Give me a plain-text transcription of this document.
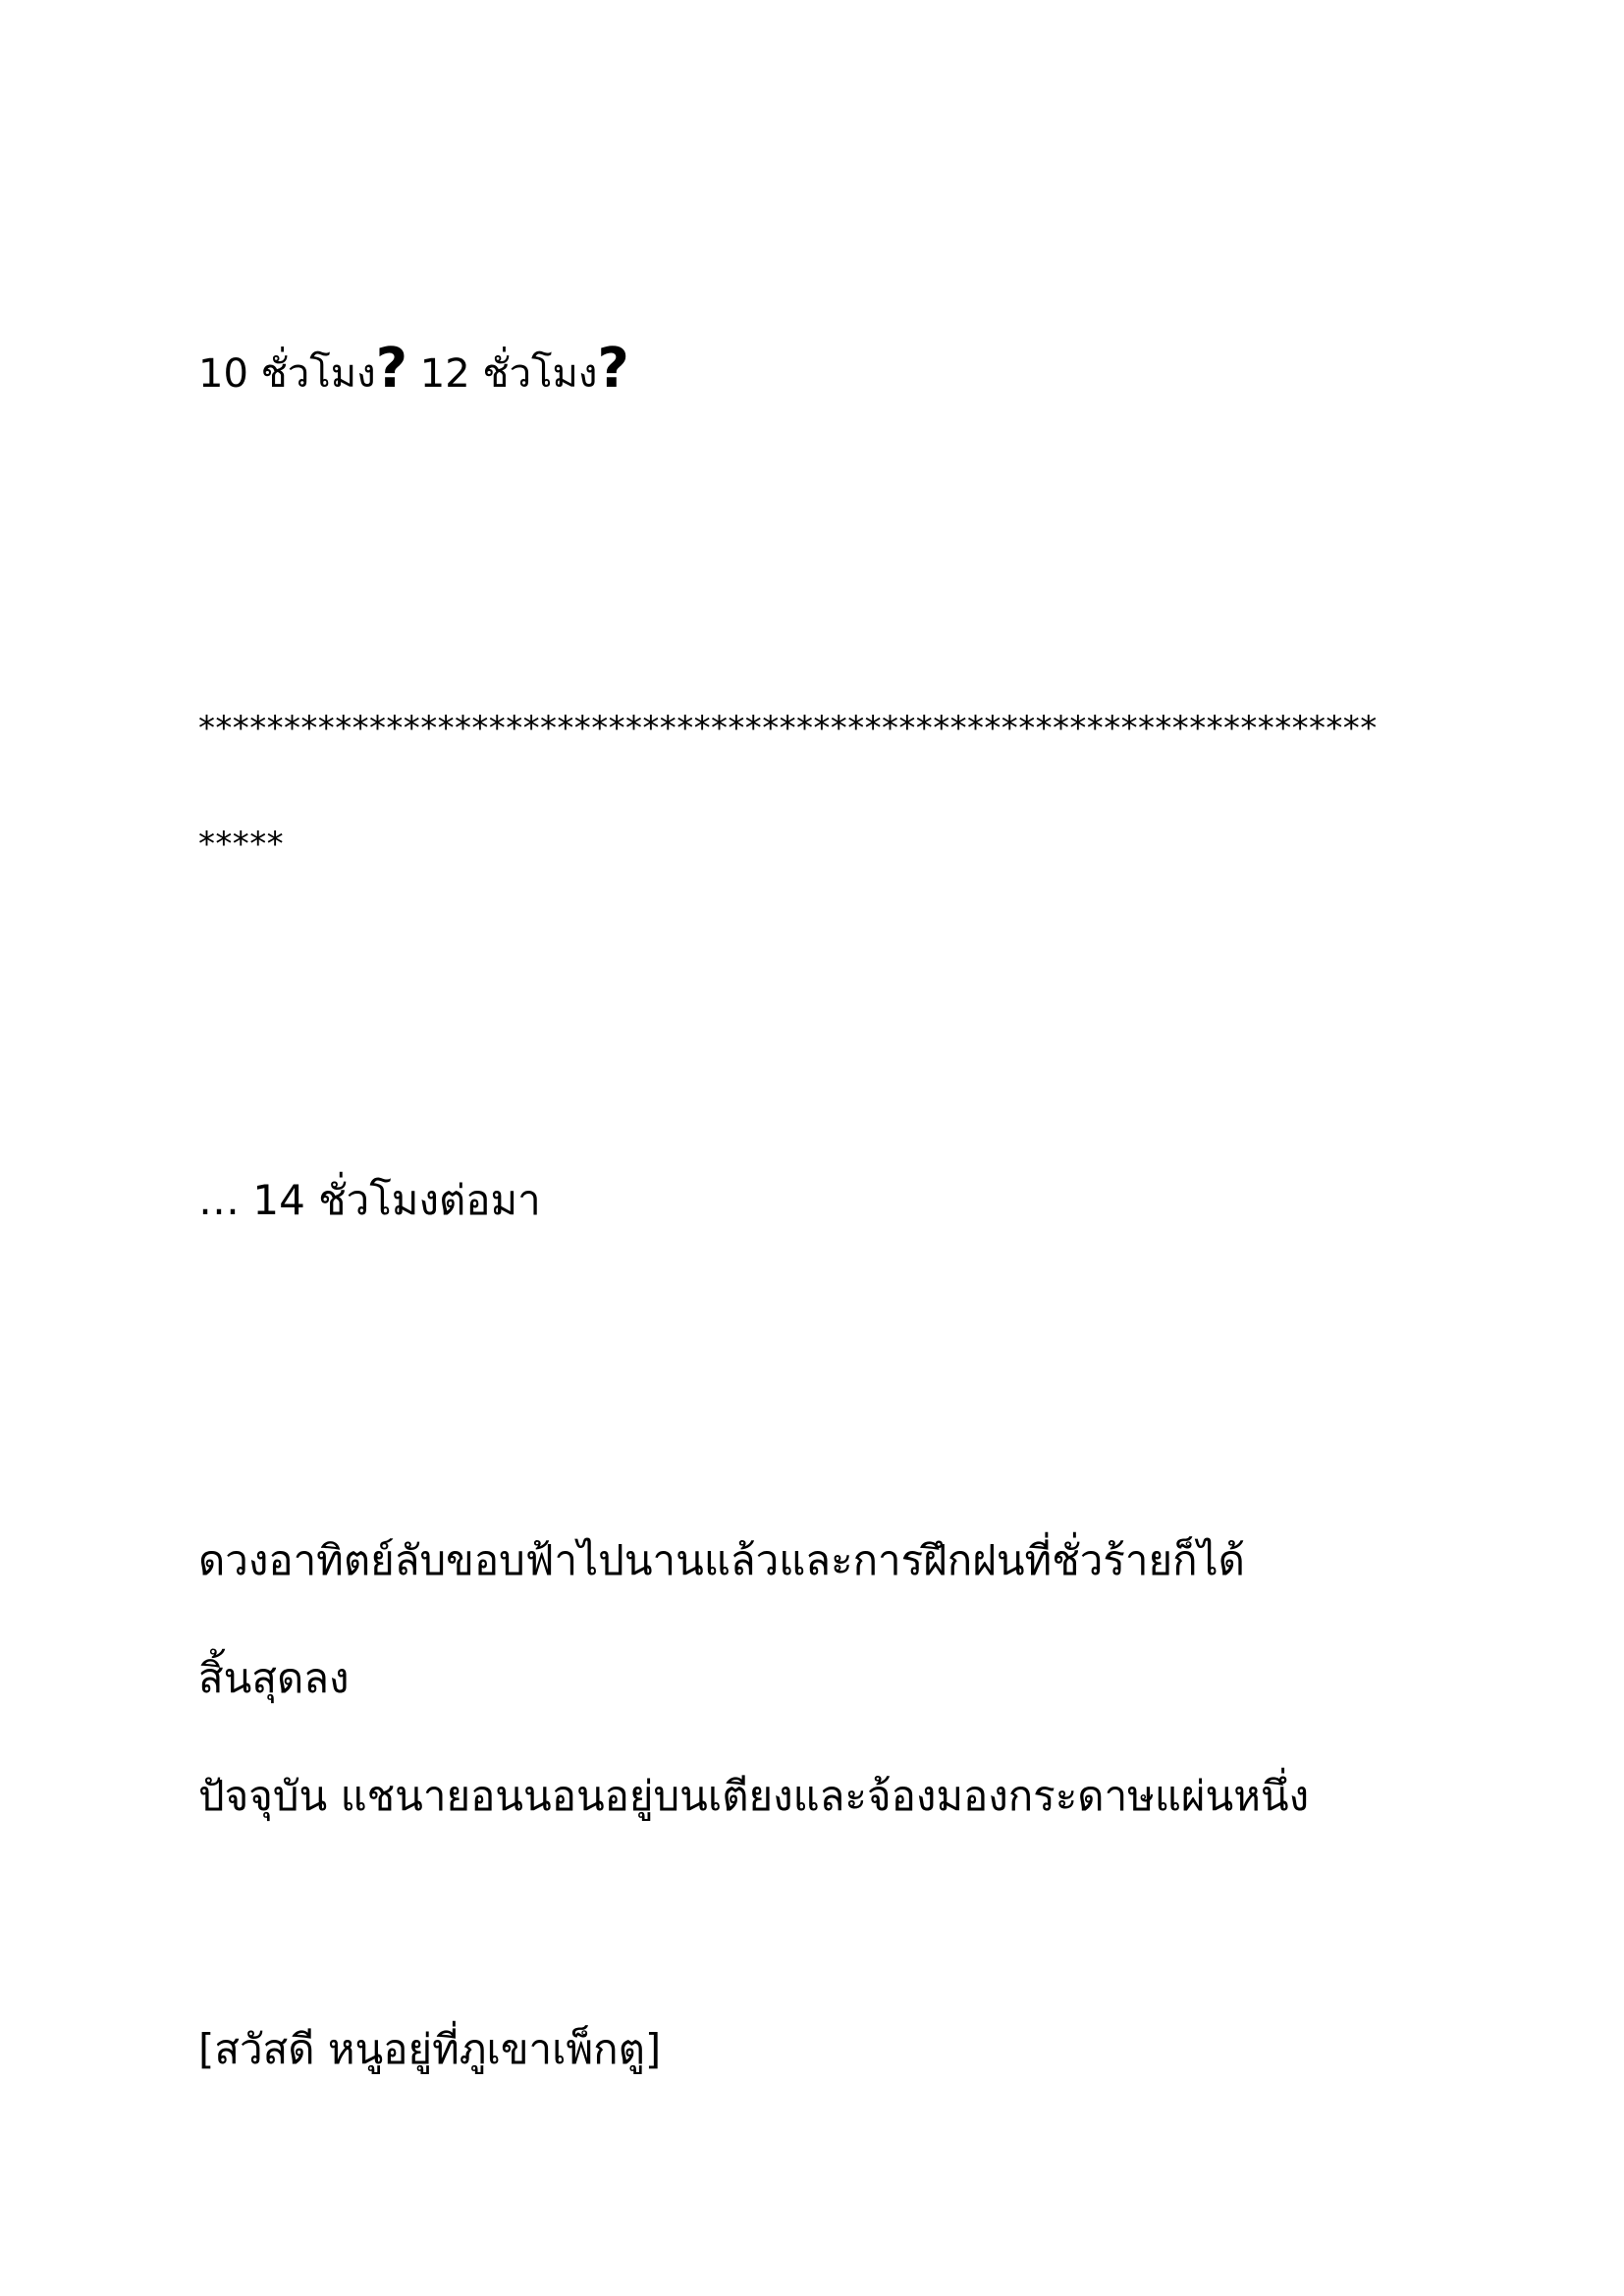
10 ชั่วโมง? 12 ชั่วโมง?
*********************************************************************
*****
… 14 ชั่วโมงต่อมา
ดวงอาทิตย์ลับขอบฟ้าไปนานแล้วและการฝึกฝนที่ชั่วร้ายก็ได้
สิ้นสุดลง
ปัจจุบัน แชนายอนนอนอยู่บนเตียงและจ้องมองกระดาษแผ่นหนึ่ง
[สวัสดี หนูอยู่ที่ภูเขาเพ็กตู]
